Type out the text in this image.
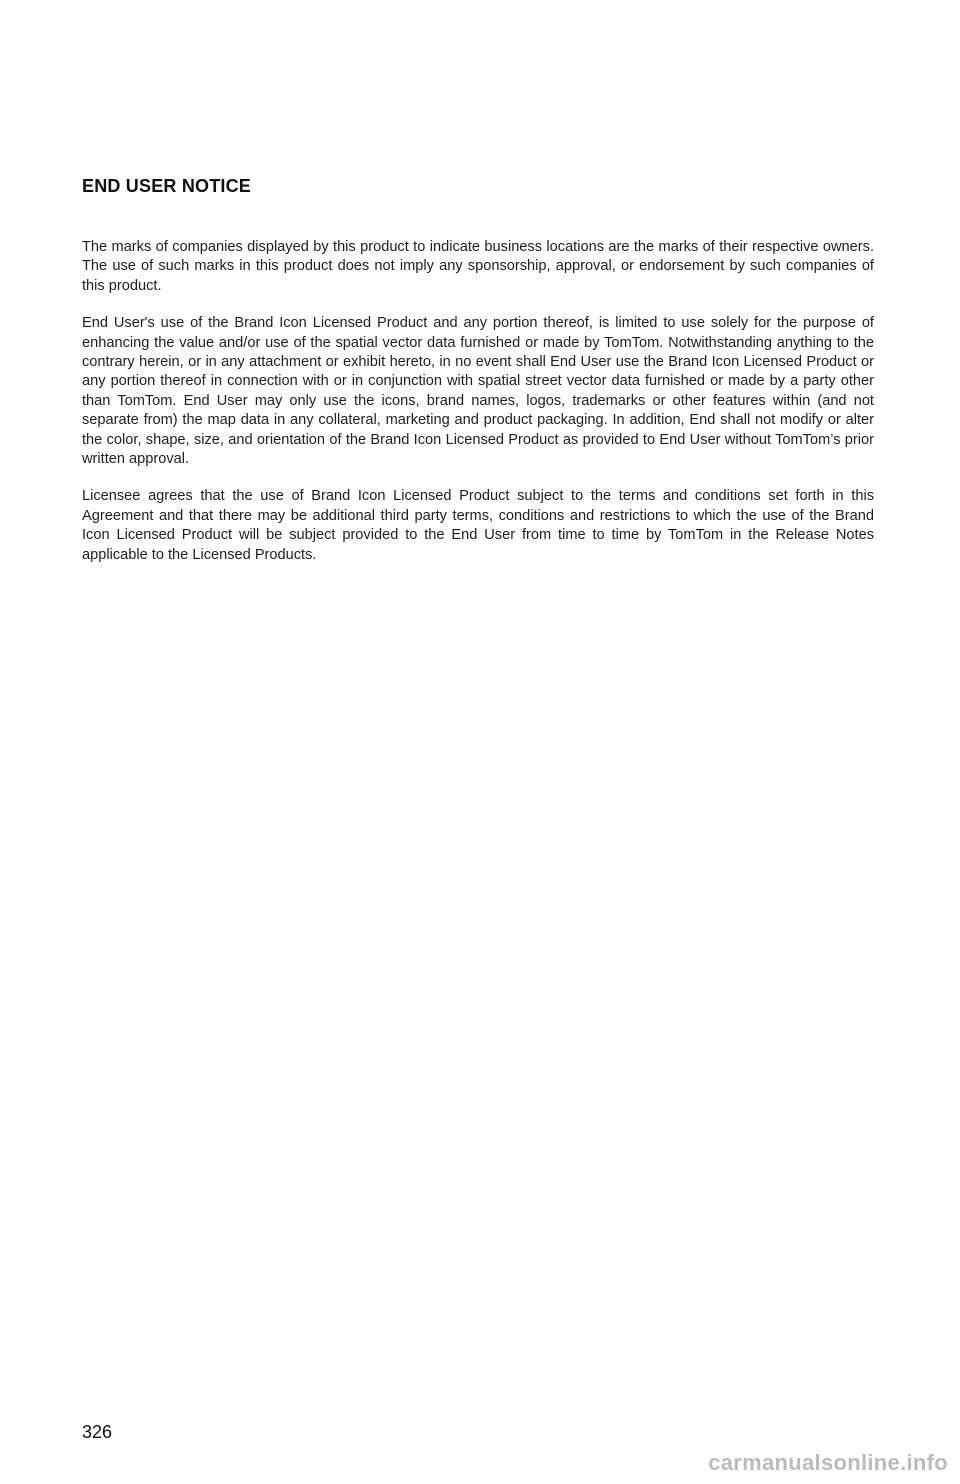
END USER NOTICE

The marks of companies displayed by this product to indicate business locations are the marks of their respective owners. The use of such marks in this product does not imply any sponsorship, approval, or endorsement by such companies of this product.

End User's use of the Brand Icon Licensed Product and any portion thereof, is limited to use solely for the purpose of enhancing the value and/or use of the spatial vector data furnished or made by TomTom. Notwithstanding anything to the contrary herein, or in any attachment or exhibit hereto, in no event shall End User use the Brand Icon Licensed Product or any portion thereof in connection with or in conjunction with spatial street vector data furnished or made by a party other than TomTom. End User may only use the icons, brand names, logos, trademarks or other features within (and not separate from) the map data in any collateral, marketing and product packaging. In addition, End shall not modify or alter the color, shape, size, and orientation of the Brand Icon Licensed Product as provided to End User without TomTom’s prior written approval.

Licensee agrees that the use of Brand Icon Licensed Product subject to the terms and conditions set forth in this Agreement and that there may be additional third party terms, conditions and restrictions to which the use of the Brand Icon Licensed Product will be subject provided to the End User from time to time by TomTom in the Release Notes applicable to the Licensed Products.

326
carmanualsonline.info
